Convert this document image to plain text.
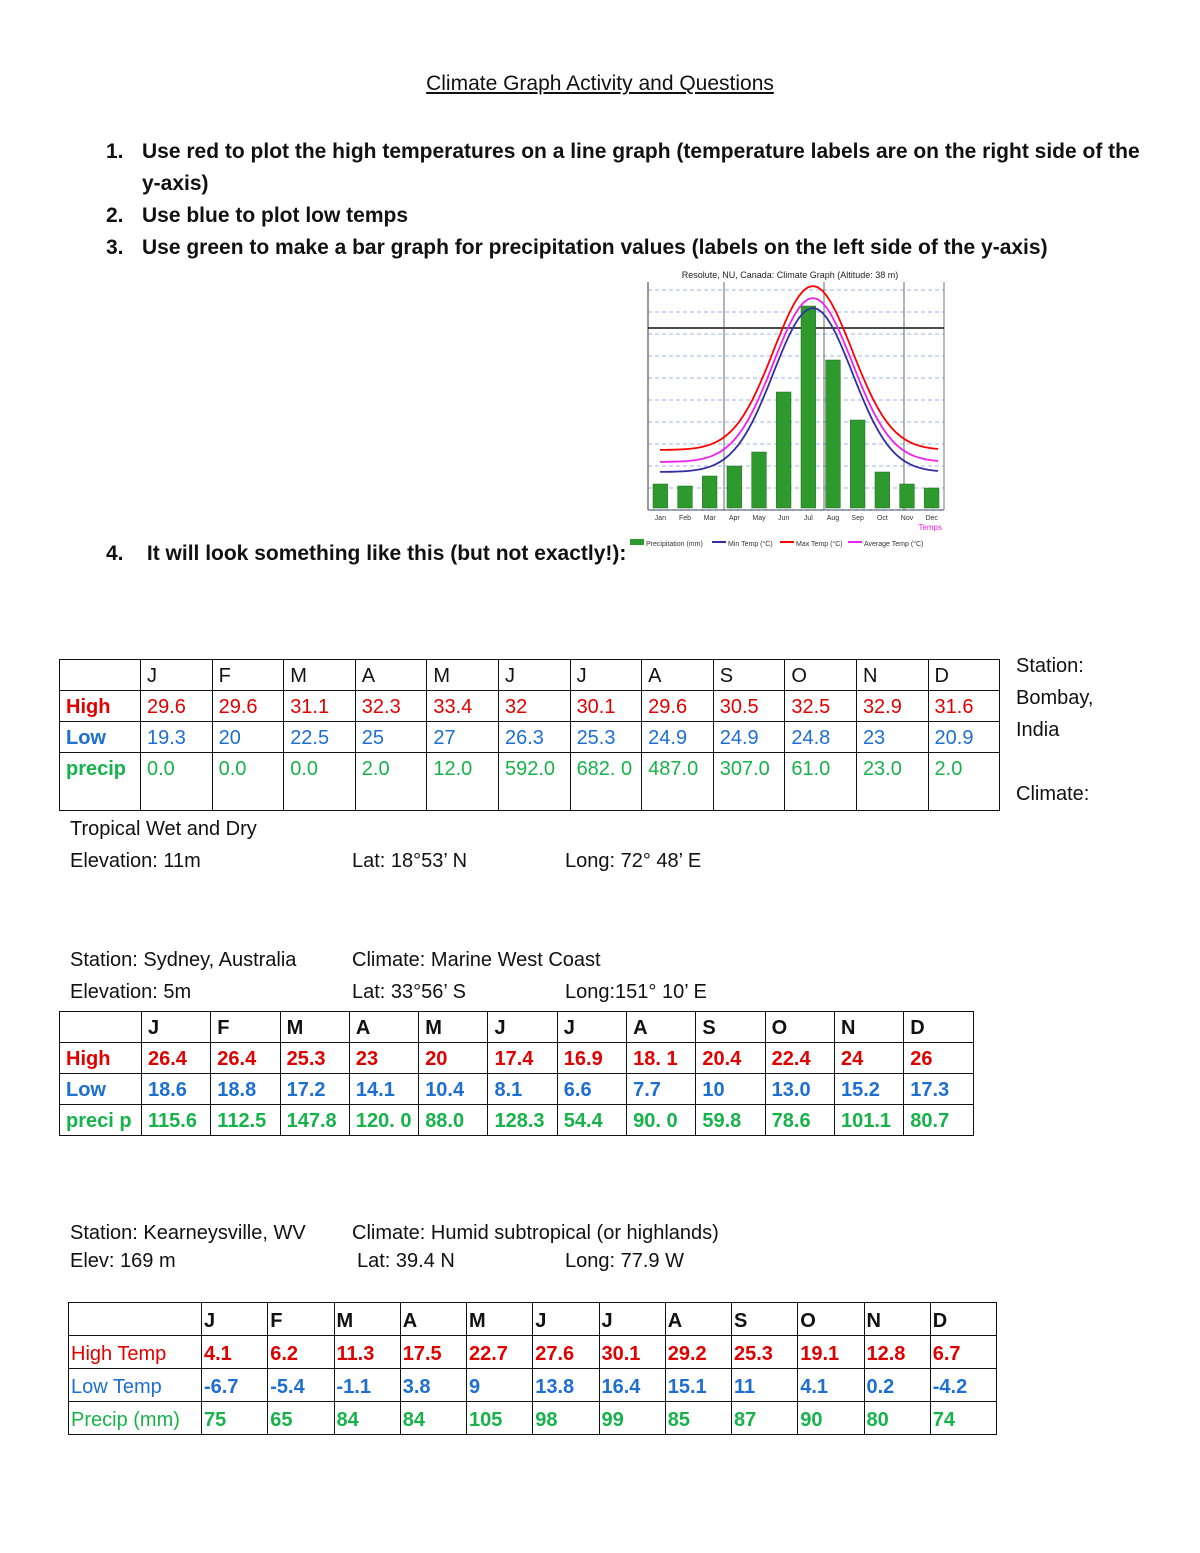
Climate Graph Activity and Questions
1. Use red to plot the high temperatures on a line graph (temperature labels are on the right side of the y-axis)
2. Use blue to plot low temps
3. Use green to make a bar graph for precipitation values (labels on the left side of the y-axis)
Resolute, NU, Canada: Climate Graph (Altitude: 38 m)
Jan Feb Mar Apr May Jun Jul Aug Sep Oct Nov Dec
Temps
Precipitation (mm)	Min Temp (°C)	Max Temp (°C)	Average Temp (°C)
4. It will look something like this (but not exactly!):
	J	F	M	A	M	J	J	A	S	O	N	D
High	29.6	29.6	31.1	32.3	33.4	32	30.1	29.6	30.5	32.5	32.9	31.6
Low	19.3	20	22.5	25	27	26.3	25.3	24.9	24.9	24.8	23	20.9
precip	0.0	0.0	0.0	2.0	12.0	592.0	682. 0	487.0	307.0	61.0	23.0	2.0
Station:
Bombay,
India
Climate:
Tropical Wet and Dry
Elevation: 11m	Lat: 18°53’ N	Long: 72° 48’ E
Station: Sydney, Australia	Climate: Marine West Coast
Elevation: 5m	Lat: 33°56’ S	Long:151° 10’ E
	J	F	M	A	M	J	J	A	S	O	N	D
High	26.4	26.4	25.3	23	20	17.4	16.9	18. 1	20.4	22.4	24	26
Low	18.6	18.8	17.2	14.1	10.4	8.1	6.6	7.7	10	13.0	15.2	17.3
preci p	115.6	112.5	147.8	120. 0	88.0	128.3	54.4	90. 0	59.8	78.6	101.1	80.7
Station: Kearneysville, WV Climate: Humid subtropical (or highlands)
Elev: 169 m	Lat: 39.4 N	Long: 77.9 W
	J	F	M	A	M	J	J	A	S	O	N	D
High Temp	4.1	6.2	11.3	17.5	22.7	27.6	30.1	29.2	25.3	19.1	12.8	6.7
Low Temp	-6.7	-5.4	-1.1	3.8	9	13.8	16.4	15.1	11	4.1	0.2	-4.2
Precip (mm)	75	65	84	84	105	98	99	85	87	90	80	74
